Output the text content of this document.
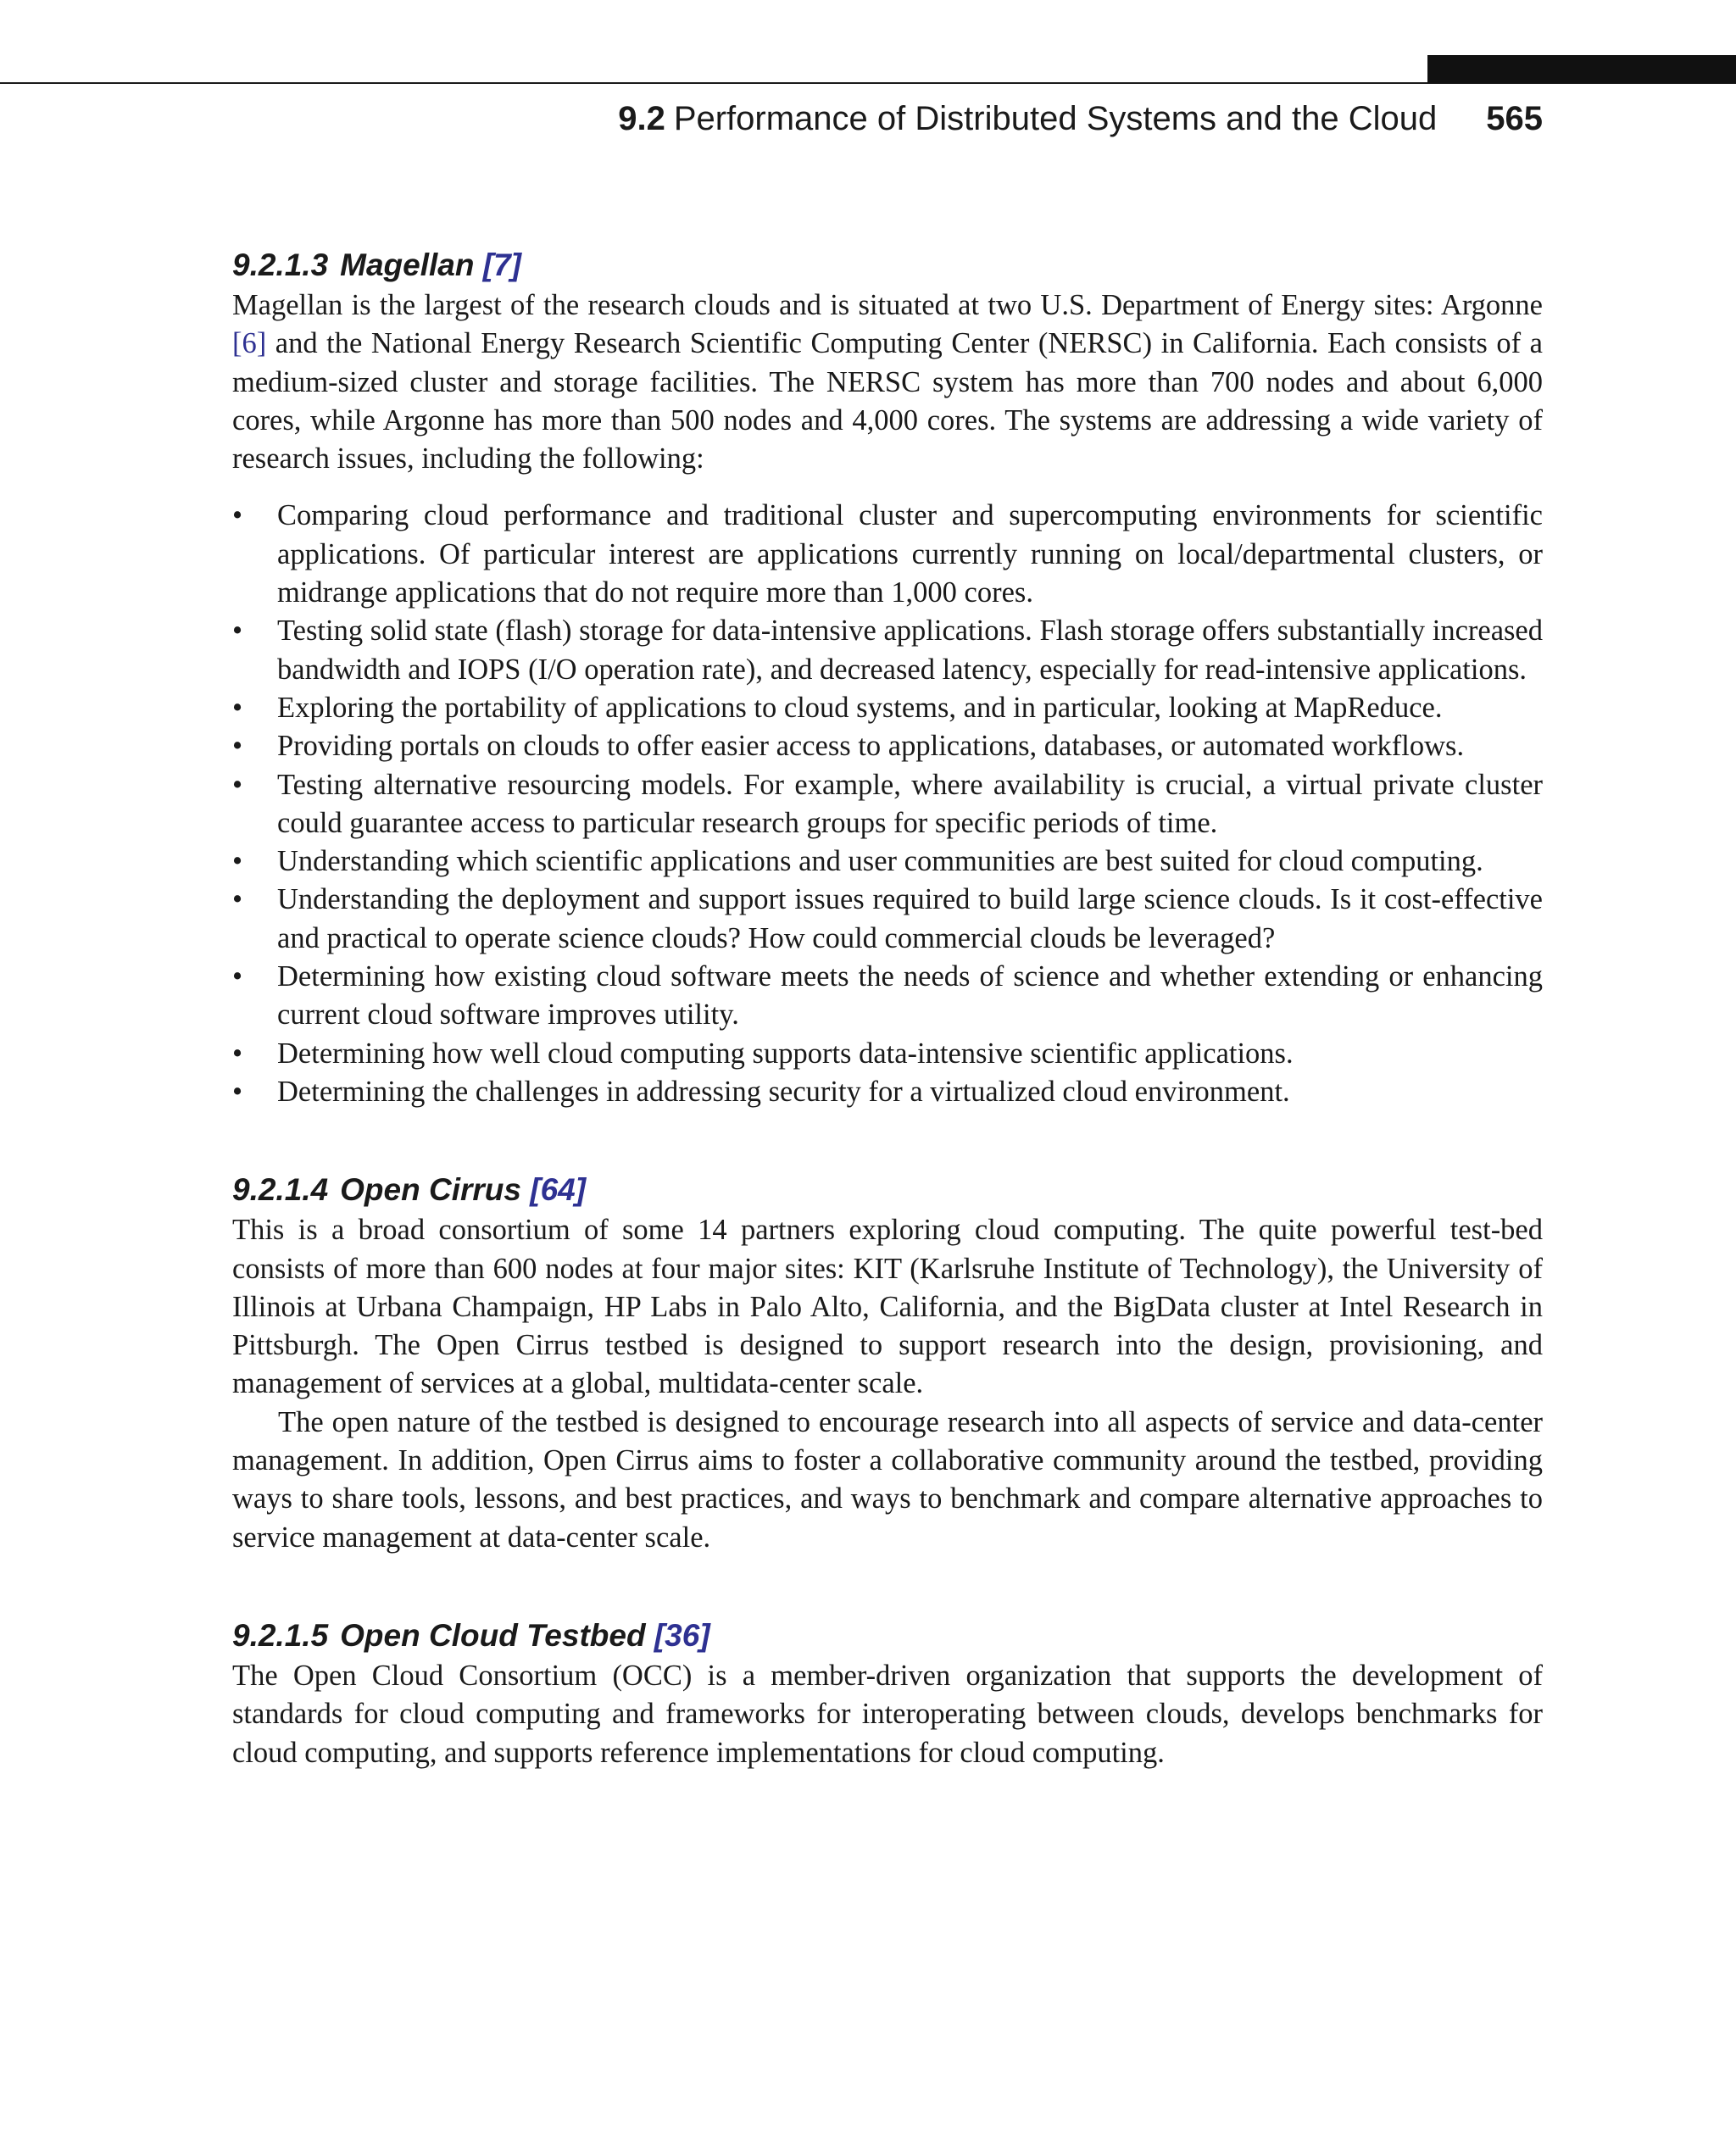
9.2 Performance of Distributed Systems and the Cloud 565
9.2.1.3 Magellan [7]

Magellan is the largest of the research clouds and is situated at two U.S. Department of Energy sites: Argonne [6] and the National Energy Research Scientific Computing Center (NERSC) in California. Each consists of a medium-sized cluster and storage facilities. The NERSC system has more than 700 nodes and about 6,000 cores, while Argonne has more than 500 nodes and 4,000 cores. The systems are addressing a wide variety of research issues, including the following:

• Comparing cloud performance and traditional cluster and supercomputing environments for scientific applications. Of particular interest are applications currently running on local/departmental clusters, or midrange applications that do not require more than 1,000 cores.
• Testing solid state (flash) storage for data-intensive applications. Flash storage offers substantially increased bandwidth and IOPS (I/O operation rate), and decreased latency, especially for read-intensive applications.
• Exploring the portability of applications to cloud systems, and in particular, looking at MapReduce.
• Providing portals on clouds to offer easier access to applications, databases, or automated workflows.
• Testing alternative resourcing models. For example, where availability is crucial, a virtual private cluster could guarantee access to particular research groups for specific periods of time.
• Understanding which scientific applications and user communities are best suited for cloud computing.
• Understanding the deployment and support issues required to build large science clouds. Is it cost-effective and practical to operate science clouds? How could commercial clouds be leveraged?
• Determining how existing cloud software meets the needs of science and whether extending or enhancing current cloud software improves utility.
• Determining how well cloud computing supports data-intensive scientific applications.
• Determining the challenges in addressing security for a virtualized cloud environment.
9.2.1.4 Open Cirrus [64]

This is a broad consortium of some 14 partners exploring cloud computing. The quite powerful test-bed consists of more than 600 nodes at four major sites: KIT (Karlsruhe Institute of Technology), the University of Illinois at Urbana Champaign, HP Labs in Palo Alto, California, and the BigData cluster at Intel Research in Pittsburgh. The Open Cirrus testbed is designed to support research into the design, provisioning, and management of services at a global, multidata-center scale.

The open nature of the testbed is designed to encourage research into all aspects of service and data-center management. In addition, Open Cirrus aims to foster a collaborative community around the testbed, providing ways to share tools, lessons, and best practices, and ways to benchmark and compare alternative approaches to service management at data-center scale.

9.2.1.5 Open Cloud Testbed [36]

The Open Cloud Consortium (OCC) is a member-driven organization that supports the development of standards for cloud computing and frameworks for interoperating between clouds, develops benchmarks for cloud computing, and supports reference implementations for cloud computing.
